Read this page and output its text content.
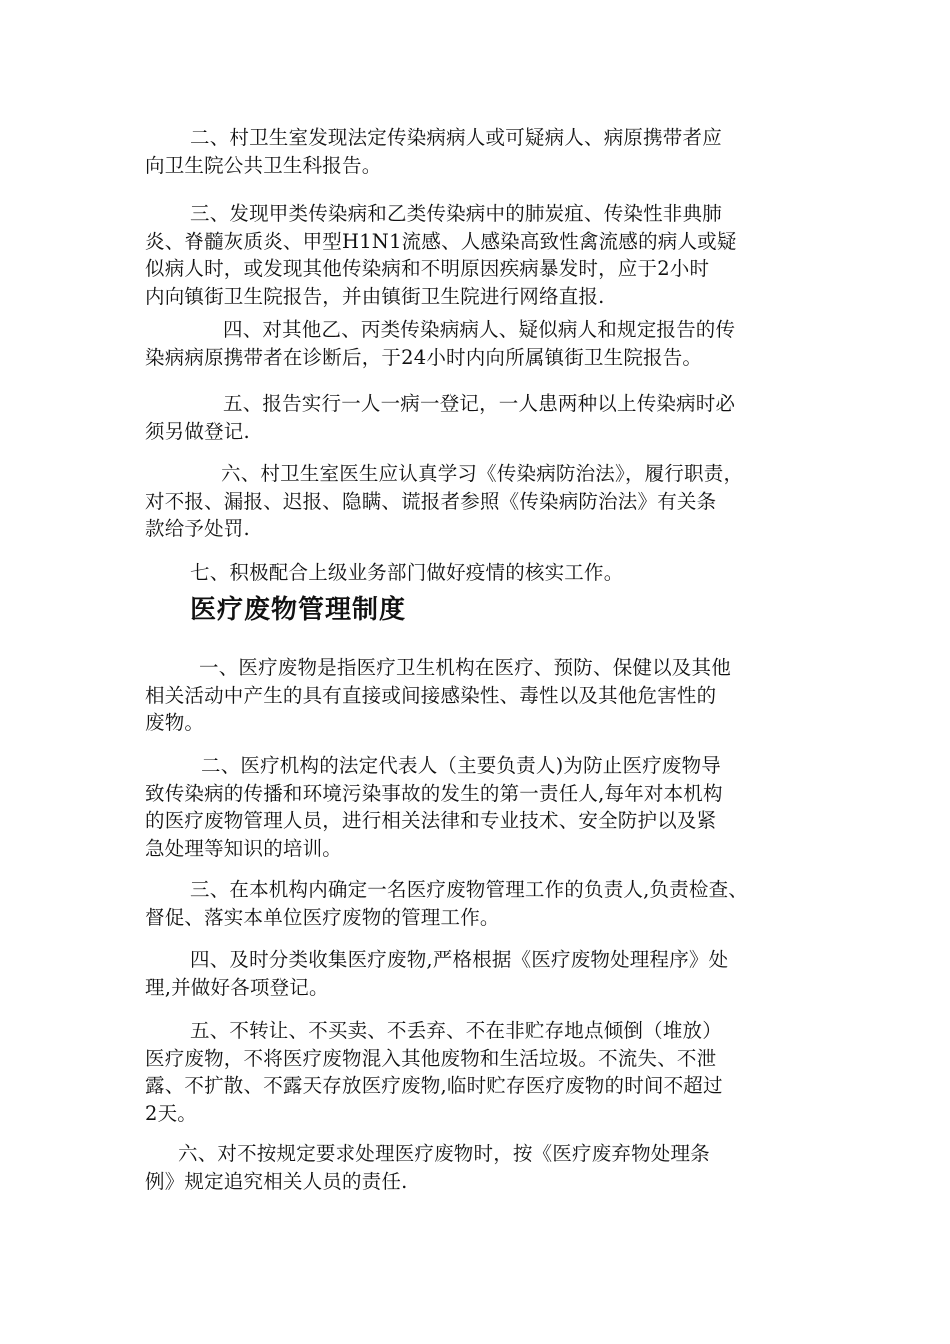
二、村卫生室发现法定传染病病人或可疑病人、病原携带者应
向卫生院公共卫生科报告。
三、发现甲类传染病和乙类传染病中的肺炭疽、传染性非典肺
炎、脊髓灰质炎、甲型H1N1流感、人感染高致性禽流感的病人或疑
似病人时，或发现其他传染病和不明原因疾病暴发时，应于2小时
内向镇街卫生院报告，并由镇街卫生院进行网络直报.
四、对其他乙、丙类传染病病人、疑似病人和规定报告的传
染病病原携带者在诊断后，于24小时内向所属镇街卫生院报告。
五、报告实行一人一病一登记，一人患两种以上传染病时必
须另做登记.
六、村卫生室医生应认真学习《传染病防治法》，履行职责，
对不报、漏报、迟报、隐瞒、谎报者参照《传染病防治法》有关条
款给予处罚.
七、积极配合上级业务部门做好疫情的核实工作。
医疗废物管理制度
一、医疗废物是指医疗卫生机构在医疗、预防、保健以及其他
相关活动中产生的具有直接或间接感染性、毒性以及其他危害性的
废物。
二、医疗机构的法定代表人（主要负责人)为防止医疗废物导
致传染病的传播和环境污染事故的发生的第一责任人,每年对本机构
的医疗废物管理人员，进行相关法律和专业技术、安全防护以及紧
急处理等知识的培训。
三、在本机构内确定一名医疗废物管理工作的负责人,负责检查、
督促、落实本单位医疗废物的管理工作。
四、及时分类收集医疗废物,严格根据《医疗废物处理程序》处
理,并做好各项登记。
五、不转让、不买卖、不丢弃、不在非贮存地点倾倒（堆放）
医疗废物，不将医疗废物混入其他废物和生活垃圾。不流失、不泄
露、不扩散、不露天存放医疗废物,临时贮存医疗废物的时间不超过
2天。
六、对不按规定要求处理医疗废物时，按《医疗废弃物处理条
例》规定追究相关人员的责任.
